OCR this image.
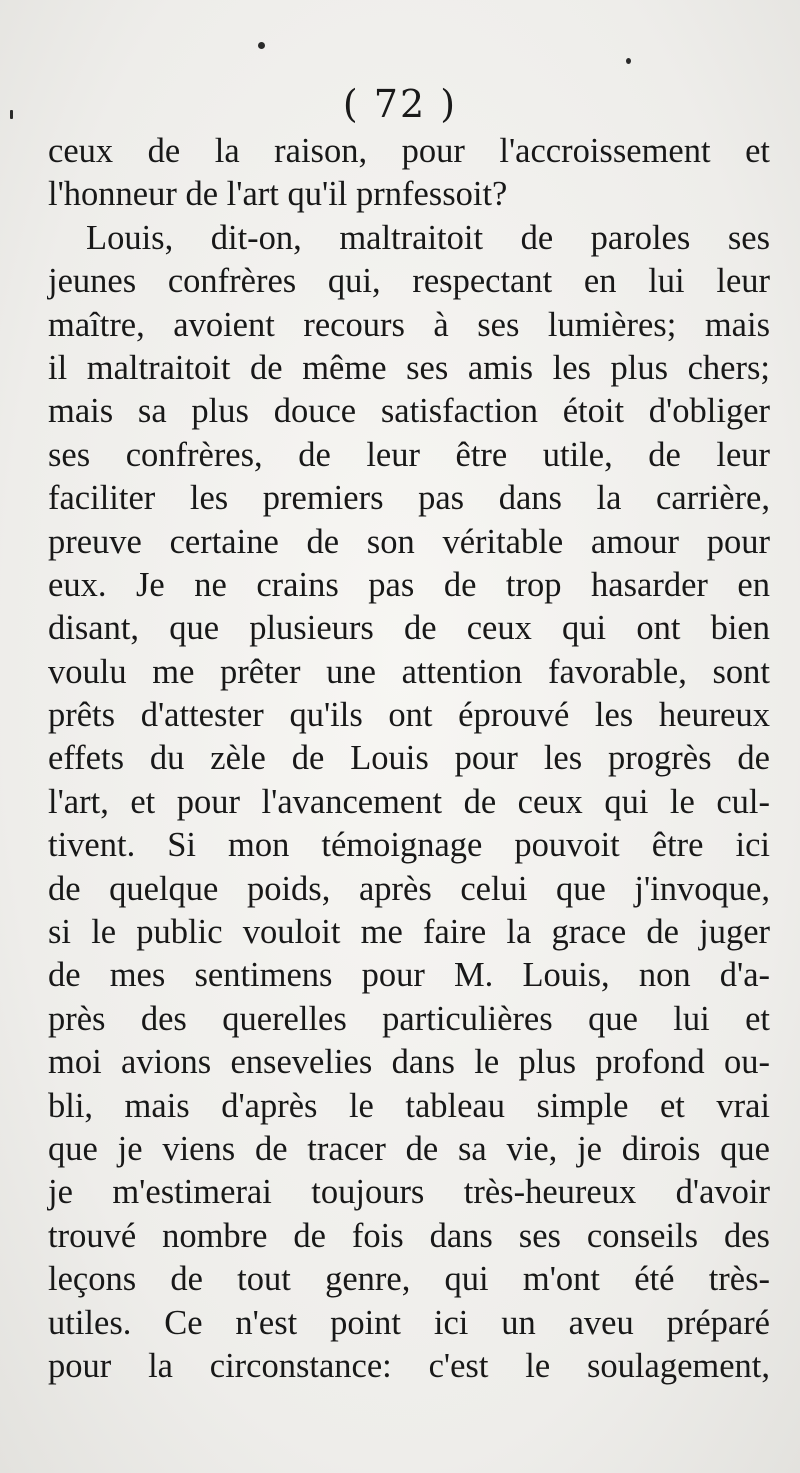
( 72 )
ceux de la raison, pour l'accroissement et
l'honneur de l'art qu'il prnfessoit?
Louis, dit-on, maltraitoit de paroles ses
jeunes confrères qui, respectant en lui leur
maître, avoient recours à ses lumières; mais
il maltraitoit de même ses amis les plus chers;
mais sa plus douce satisfaction étoit d'obliger
ses confrères, de leur être utile, de leur
faciliter les premiers pas dans la carrière,
preuve certaine de son véritable amour pour
eux. Je ne crains pas de trop hasarder en
disant, que plusieurs de ceux qui ont bien
voulu me prêter une attention favorable, sont
prêts d'attester qu'ils ont éprouvé les heureux
effets du zèle de Louis pour les progrès de
l'art, et pour l'avancement de ceux qui le cul-
tivent. Si mon témoignage pouvoit être ici
de quelque poids, après celui que j'invoque,
si le public vouloit me faire la grace de juger
de mes sentimens pour M. Louis, non d'a-
près des querelles particulières que lui et
moi avions ensevelies dans le plus profond ou-
bli, mais d'après le tableau simple et vrai
que je viens de tracer de sa vie, je dirois que
je m'estimerai toujours très-heureux d'avoir
trouvé nombre de fois dans ses conseils des
leçons de tout genre, qui m'ont été très-
utiles. Ce n'est point ici un aveu préparé
pour la circonstance: c'est le soulagement,
